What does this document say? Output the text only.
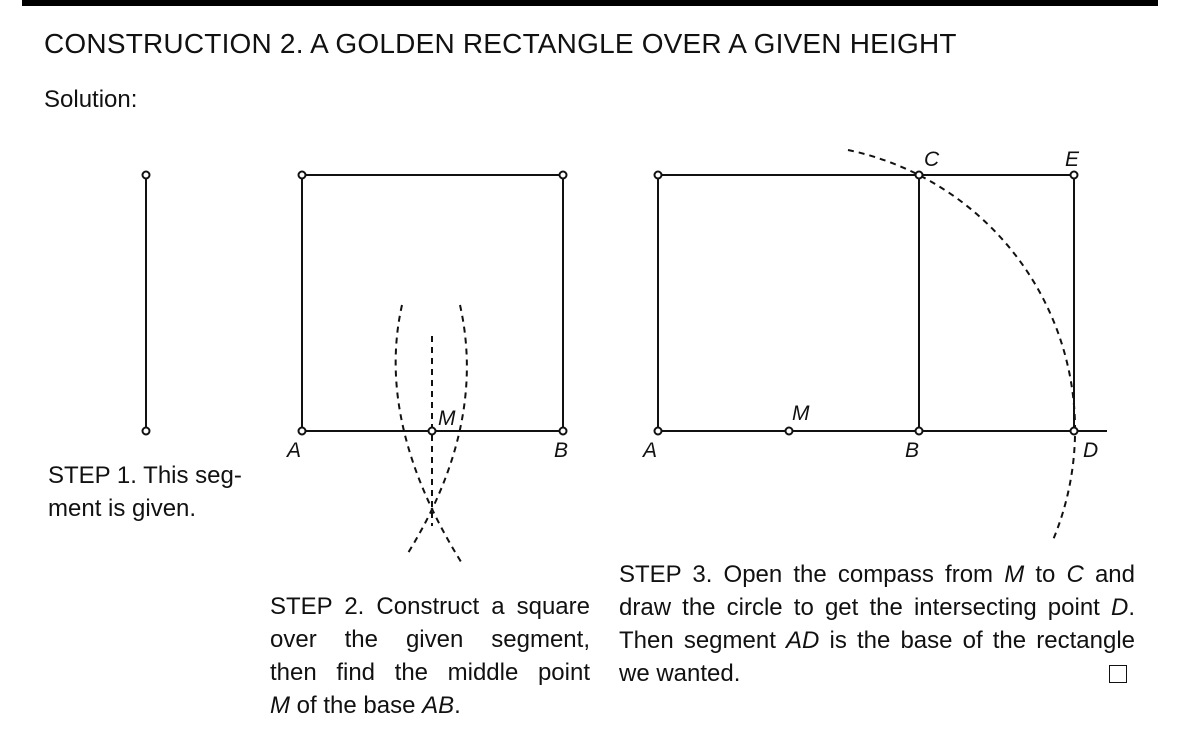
CONSTRUCTION 2. A GOLDEN RECTANGLE OVER A GIVEN HEIGHT
Solution:
A	B
M
A
M
B	D
C	E

STEP 1. This seg-

ment is given.

STEP 2. Construct a square

over the given segment,

then find the middle point

M of the base AB.

STEP 3. Open the compass from M to C and

draw the circle to get the intersecting point D.

Then segment AD is the base of the rectangle

we wanted.
